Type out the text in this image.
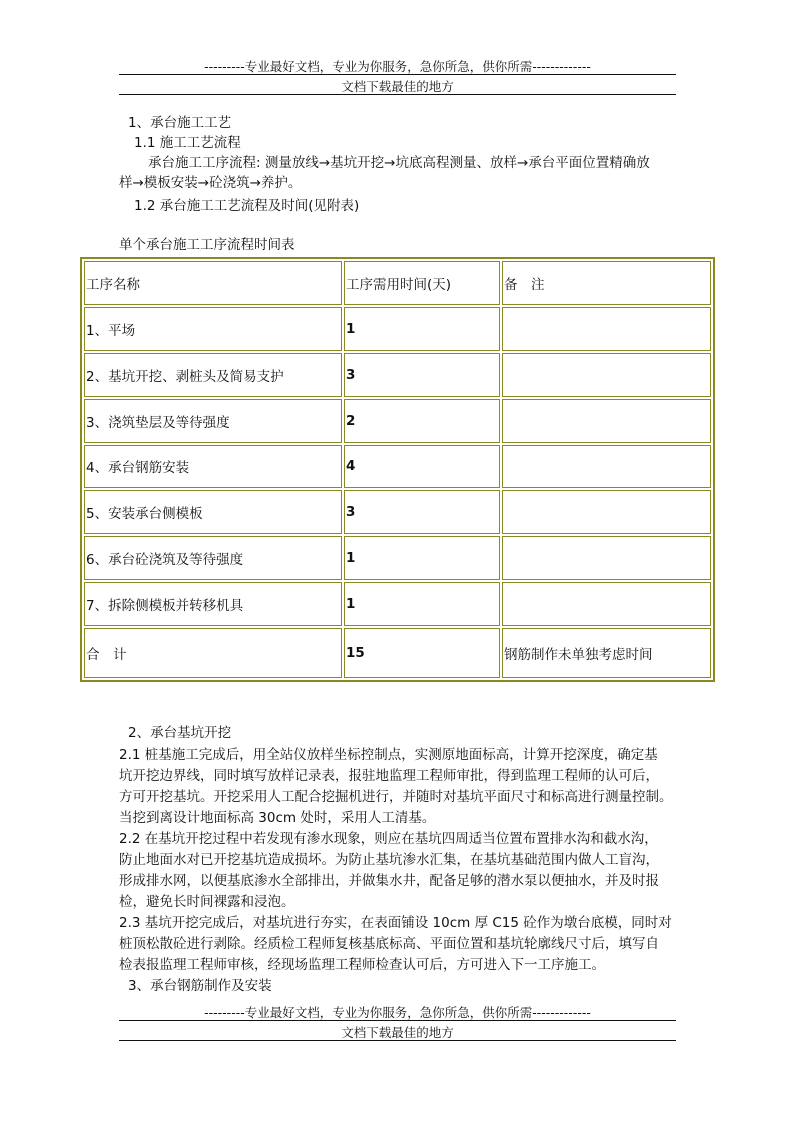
---------专业最好文档，专业为你服务，急你所急，供你所需-------------
文档下载最佳的地方
1、承台施工工艺
1.1 施工工艺流程
承台施工工序流程: 测量放线→基坑开挖→坑底高程测量、放样→承台平面位置精确放
样→模板安装→砼浇筑→养护。
1.2 承台施工工艺流程及时间(见附表)
单个承台施工工序流程时间表
工序名称	工序需用时间(天)	备　注
1、平场	1	
2、基坑开挖、剥桩头及简易支护	3	
3、浇筑垫层及等待强度	2	
4、承台钢筋安装	4	
5、安装承台侧模板	3	
6、承台砼浇筑及等待强度	1	
7、拆除侧模板并转移机具	1	
合　计	15	钢筋制作未单独考虑时间
2、承台基坑开挖
2.1 桩基施工完成后，用全站仪放样坐标控制点，实测原地面标高，计算开挖深度，确定基
坑开挖边界线，同时填写放样记录表，报驻地监理工程师审批，得到监理工程师的认可后，
方可开挖基坑。开挖采用人工配合挖掘机进行，并随时对基坑平面尺寸和标高进行测量控制。
当挖到离设计地面标高 30cm 处时，采用人工清基。
2.2 在基坑开挖过程中若发现有渗水现象，则应在基坑四周适当位置布置排水沟和截水沟，
防止地面水对已开挖基坑造成损坏。为防止基坑渗水汇集，在基坑基础范围内做人工盲沟，
形成排水网，以便基底渗水全部排出，并做集水井，配备足够的潜水泵以便抽水，并及时报
检，避免长时间裸露和浸泡。
2.3 基坑开挖完成后，对基坑进行夯实，在表面铺设 10cm 厚 C15 砼作为墩台底模，同时对
桩顶松散砼进行剥除。经质检工程师复核基底标高、平面位置和基坑轮廓线尺寸后，填写自
检表报监理工程师审核，经现场监理工程师检查认可后，方可进入下一工序施工。
3、承台钢筋制作及安装
---------专业最好文档，专业为你服务，急你所急，供你所需-------------
文档下载最佳的地方
